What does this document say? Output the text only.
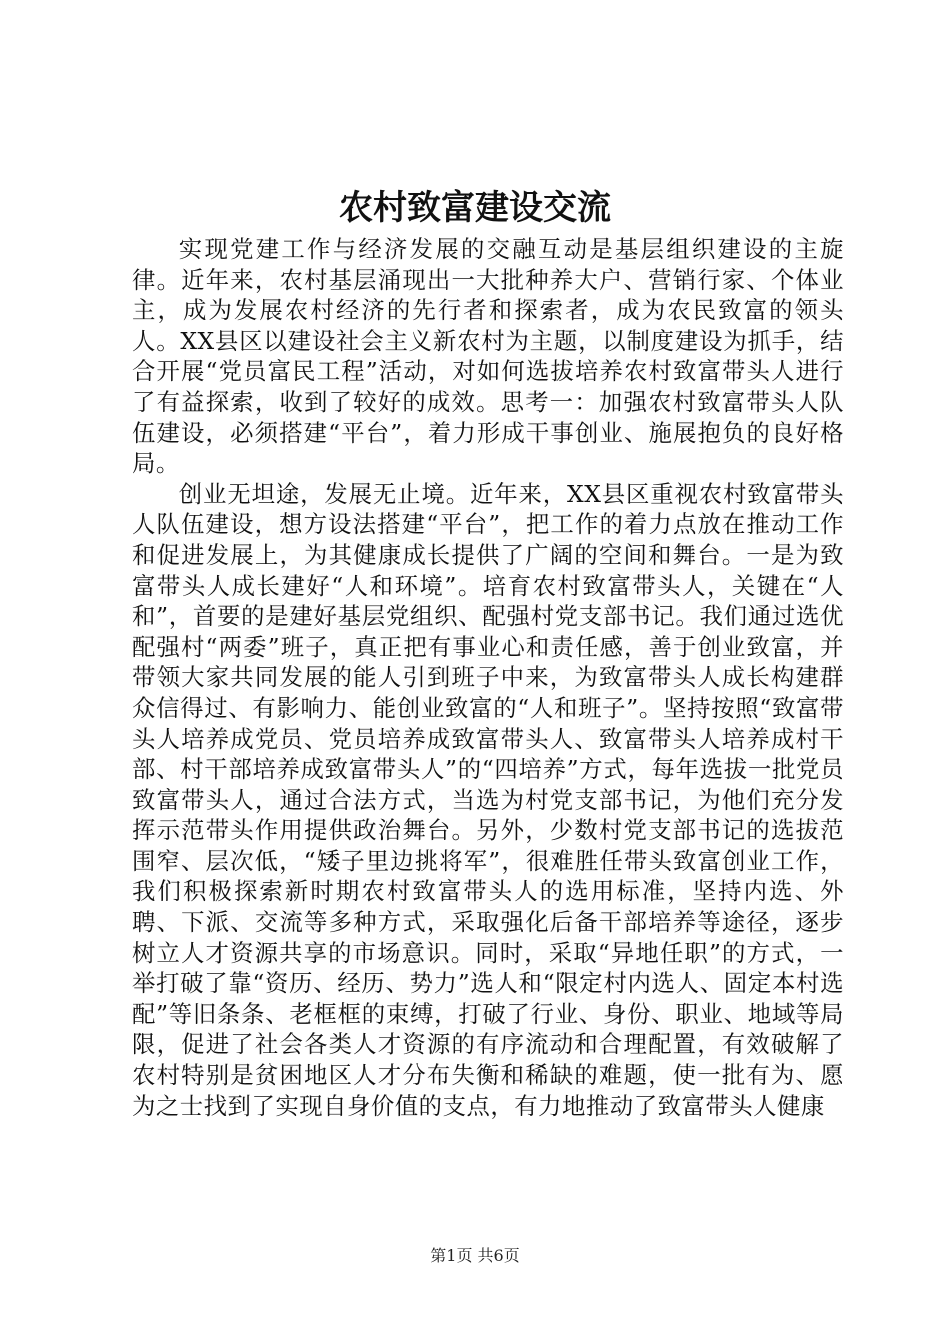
农村致富建设交流

实现党建工作与经济发展的交融互动是基层组织建设的主旋律。近年来，农村基层涌现出一大批种养大户、营销行家、个体业主，成为发展农村经济的先行者和探索者，成为农民致富的领头人。XX县区以建设社会主义新农村为主题，以制度建设为抓手，结合开展“党员富民工程”活动，对如何选拔培养农村致富带头人进行了有益探索，收到了较好的成效。思考一：加强农村致富带头人队伍建设，必须搭建“平台”，着力形成干事创业、施展抱负的良好格局。

创业无坦途，发展无止境。近年来，XX县区重视农村致富带头人队伍建设，想方设法搭建“平台”，把工作的着力点放在推动工作和促进发展上，为其健康成长提供了广阔的空间和舞台。一是为致富带头人成长建好“人和环境”。培育农村致富带头人，关键在“人和”，首要的是建好基层党组织、配强村党支部书记。我们通过选优配强村“两委”班子，真正把有事业心和责任感，善于创业致富，并带领大家共同发展的能人引到班子中来，为致富带头人成长构建群众信得过、有影响力、能创业致富的“人和班子”。坚持按照“致富带头人培养成党员、党员培养成致富带头人、致富带头人培养成村干部、村干部培养成致富带头人”的“四培养”方式，每年选拔一批党员致富带头人，通过合法方式，当选为村党支部书记，为他们充分发挥示范带头作用提供政治舞台。另外，少数村党支部书记的选拔范围窄、层次低，“矮子里边挑将军”，很难胜任带头致富创业工作，我们积极探索新时期农村致富带头人的选用标准，坚持内选、外聘、下派、交流等多种方式，采取强化后备干部培养等途径，逐步树立人才资源共享的市场意识。同时，采取“异地任职”的方式，一举打破了靠“资历、经历、势力”选人和“限定村内选人、固定本村选配”等旧条条、老框框的束缚，打破了行业、身份、职业、地域等局限，促进了社会各类人才资源的有序流动和合理配置，有效破解了农村特别是贫困地区人才分布失衡和稀缺的难题，使一批有为、愿为之士找到了实现自身价值的支点，有力地推动了致富带头人健康

第1页 共6页
